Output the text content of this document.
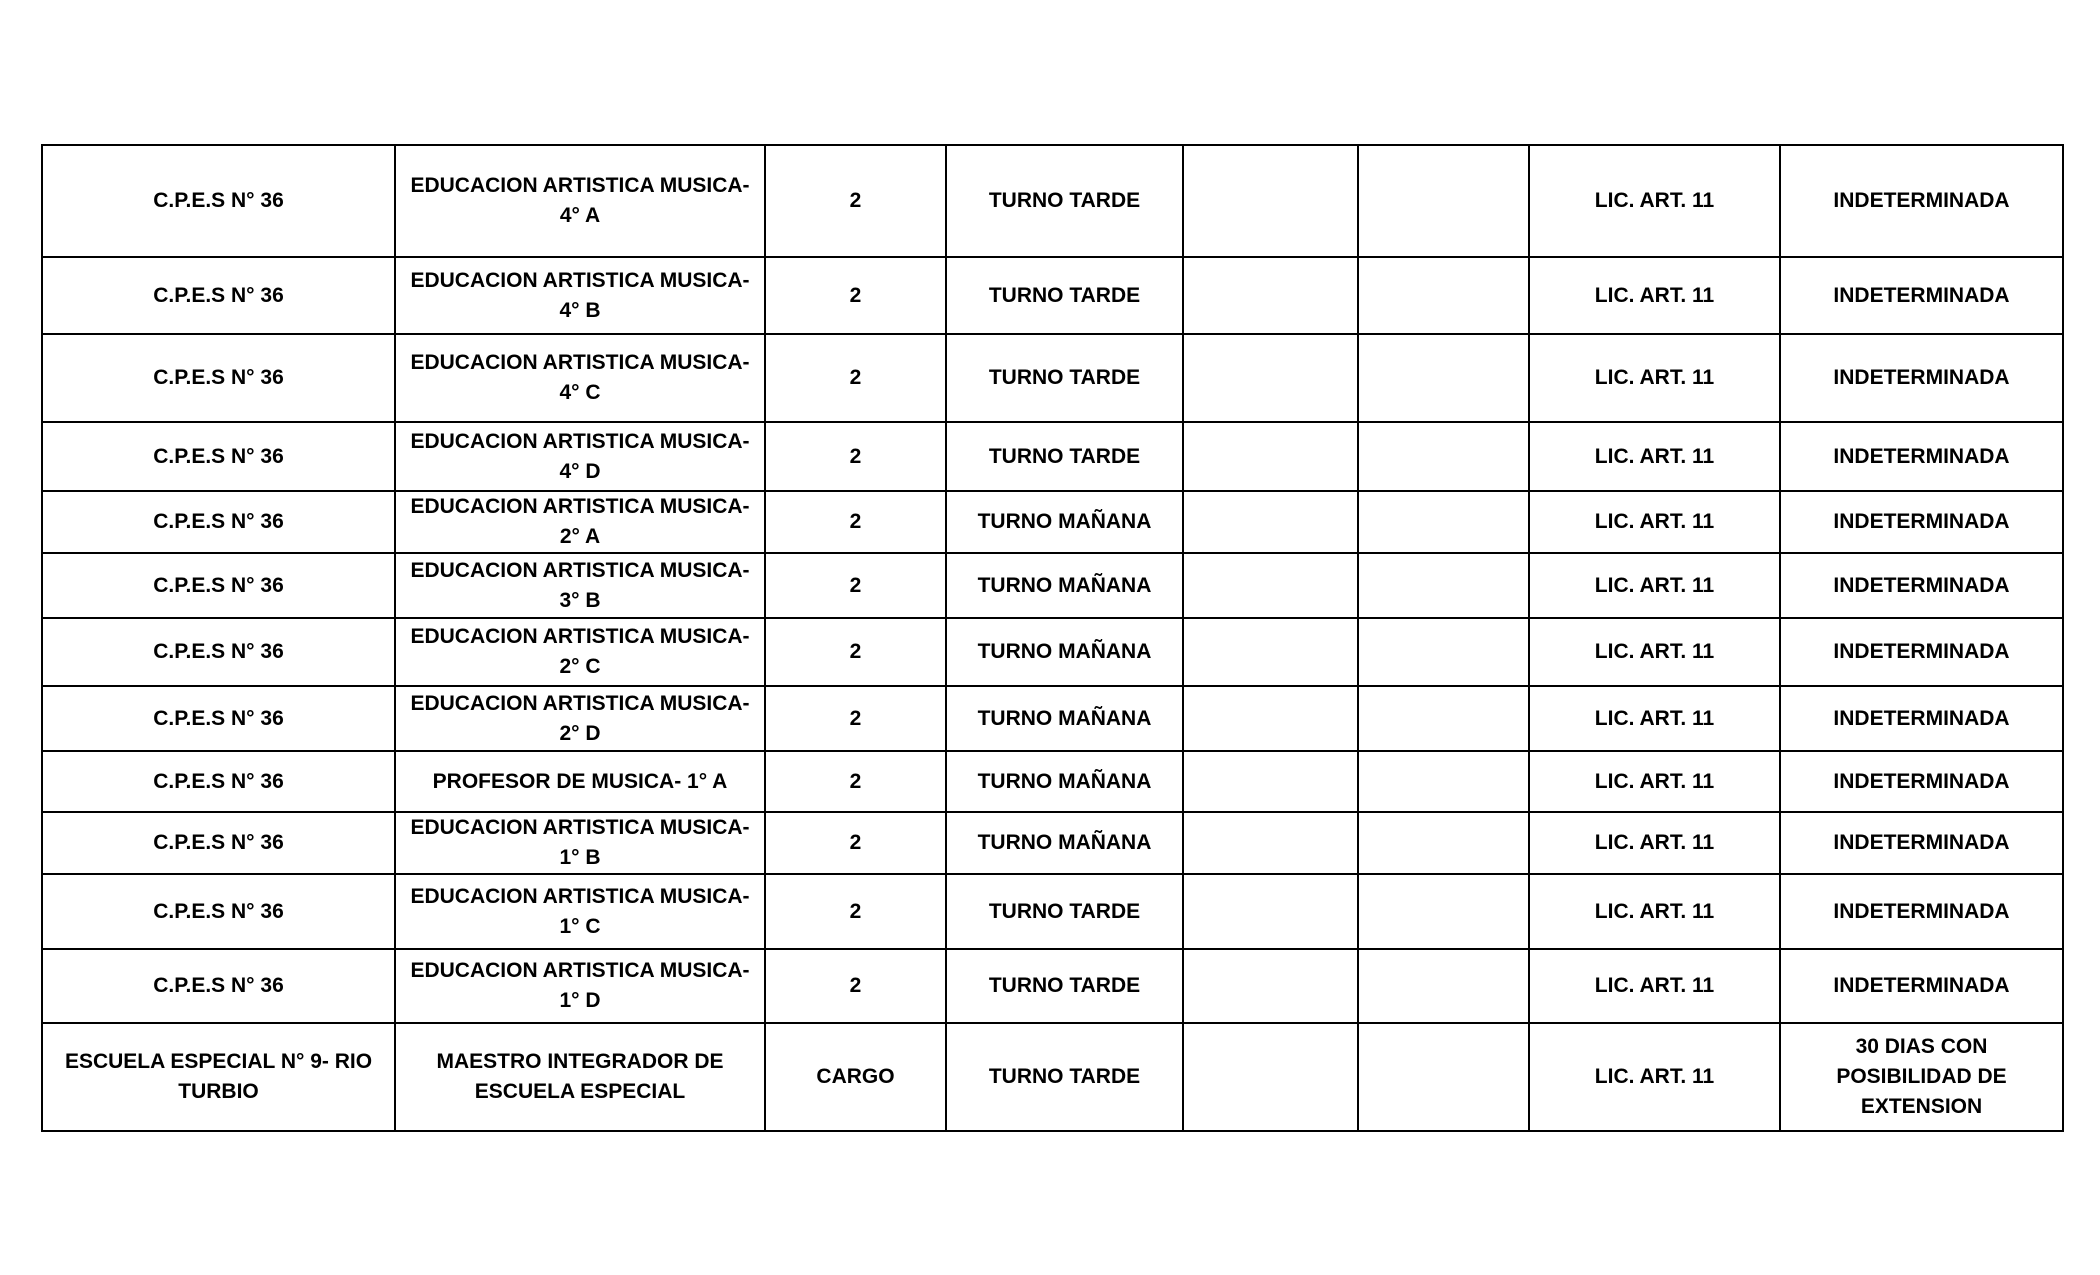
C.P.E.S N° 36	EDUCACION ARTISTICA MUSICA- 4° A	2	TURNO TARDE			LIC. ART. 11	INDETERMINADA
C.P.E.S N° 36	EDUCACION ARTISTICA MUSICA- 4° B	2	TURNO TARDE			LIC. ART. 11	INDETERMINADA
C.P.E.S N° 36	EDUCACION ARTISTICA MUSICA- 4° C	2	TURNO TARDE			LIC. ART. 11	INDETERMINADA
C.P.E.S N° 36	EDUCACION ARTISTICA MUSICA- 4° D	2	TURNO TARDE			LIC. ART. 11	INDETERMINADA
C.P.E.S N° 36	EDUCACION ARTISTICA MUSICA- 2° A	2	TURNO MAÑANA			LIC. ART. 11	INDETERMINADA
C.P.E.S N° 36	EDUCACION ARTISTICA MUSICA- 3° B	2	TURNO MAÑANA			LIC. ART. 11	INDETERMINADA
C.P.E.S N° 36	EDUCACION ARTISTICA MUSICA- 2° C	2	TURNO MAÑANA			LIC. ART. 11	INDETERMINADA
C.P.E.S N° 36	EDUCACION ARTISTICA MUSICA- 2° D	2	TURNO MAÑANA			LIC. ART. 11	INDETERMINADA
C.P.E.S N° 36	PROFESOR DE MUSICA- 1° A	2	TURNO MAÑANA			LIC. ART. 11	INDETERMINADA
C.P.E.S N° 36	EDUCACION ARTISTICA MUSICA- 1° B	2	TURNO MAÑANA			LIC. ART. 11	INDETERMINADA
C.P.E.S N° 36	EDUCACION ARTISTICA MUSICA- 1° C	2	TURNO TARDE			LIC. ART. 11	INDETERMINADA
C.P.E.S N° 36	EDUCACION ARTISTICA MUSICA- 1° D	2	TURNO TARDE			LIC. ART. 11	INDETERMINADA
ESCUELA ESPECIAL N° 9- RIO TURBIO	MAESTRO INTEGRADOR DE ESCUELA ESPECIAL	CARGO	TURNO TARDE			LIC. ART. 11	30 DIAS CON POSIBILIDAD DE EXTENSION
